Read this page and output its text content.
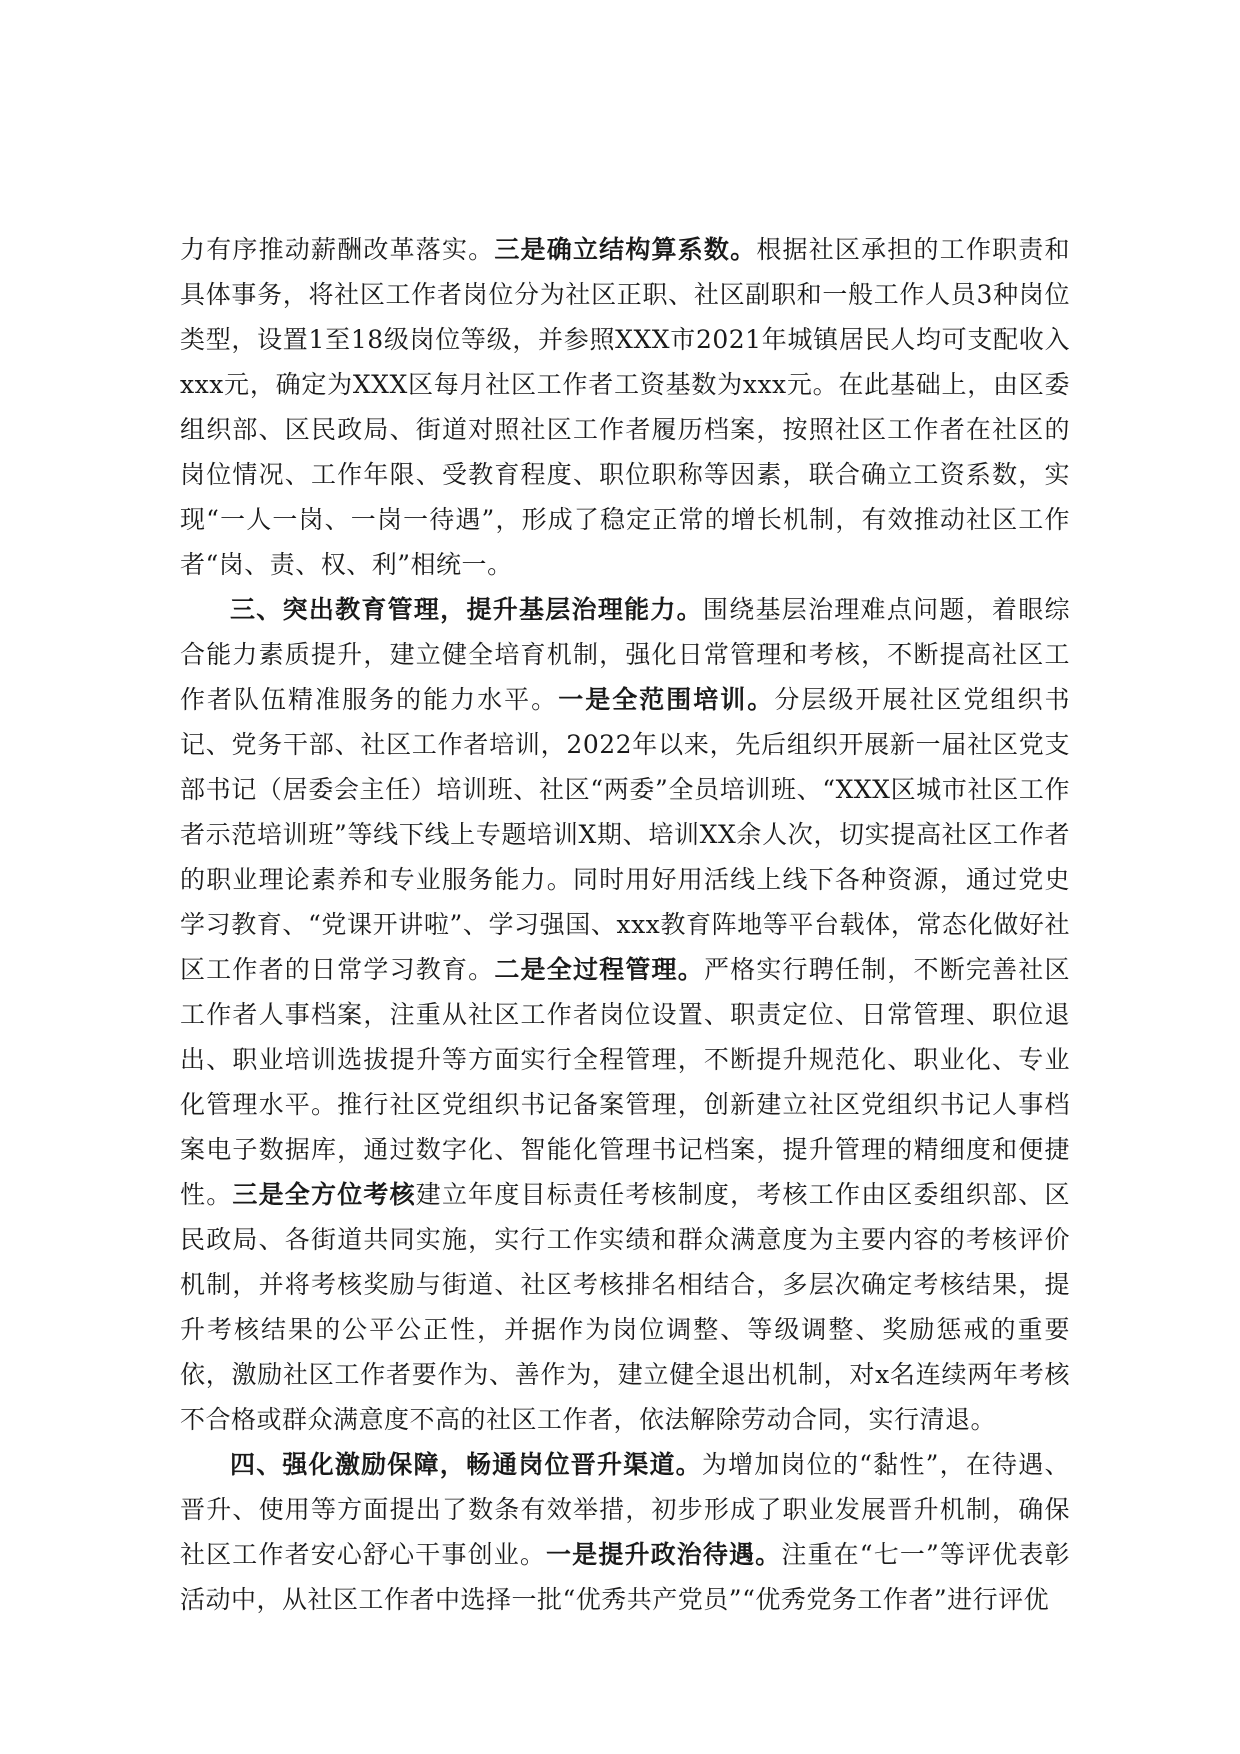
力有序推动薪酬改革落实。三是确立结构算系数。根据社区承担的工作职责和具体事务，将社区工作者岗位分为社区正职、社区副职和一般工作人员3种岗位类型，设置1至18级岗位等级，并参照XXX市2021年城镇居民人均可支配收入xxx元，确定为XXX区每月社区工作者工资基数为xxx元。在此基础上，由区委组织部、区民政局、街道对照社区工作者履历档案，按照社区工作者在社区的岗位情况、工作年限、受教育程度、职位职称等因素，联合确立工资系数，实现“一人一岗、一岗一待遇”，形成了稳定正常的增长机制，有效推动社区工作者“岗、责、权、利”相统一。

三、突出教育管理，提升基层治理能力。围绕基层治理难点问题，着眼综合能力素质提升，建立健全培育机制，强化日常管理和考核，不断提高社区工作者队伍精准服务的能力水平。一是全范围培训。分层级开展社区党组织书记、党务干部、社区工作者培训，2022年以来，先后组织开展新一届社区党支部书记（居委会主任）培训班、社区“两委”全员培训班、“XXX区城市社区工作者示范培训班”等线下线上专题培训X期、培训XX余人次，切实提高社区工作者的职业理论素养和专业服务能力。同时用好用活线上线下各种资源，通过党史学习教育、“党课开讲啦”、学习强国、xxx教育阵地等平台载体，常态化做好社区工作者的日常学习教育。二是全过程管理。严格实行聘任制，不断完善社区工作者人事档案，注重从社区工作者岗位设置、职责定位、日常管理、职位退出、职业培训选拔提升等方面实行全程管理，不断提升规范化、职业化、专业化管理水平。推行社区党组织书记备案管理，创新建立社区党组织书记人事档案电子数据库，通过数字化、智能化管理书记档案，提升管理的精细度和便捷性。三是全方位考核建立年度目标责任考核制度，考核工作由区委组织部、区民政局、各街道共同实施，实行工作实绩和群众满意度为主要内容的考核评价机制，并将考核奖励与街道、社区考核排名相结合，多层次确定考核结果，提升考核结果的公平公正性，并据作为岗位调整、等级调整、奖励惩戒的重要依，激励社区工作者要作为、善作为，建立健全退出机制，对x名连续两年考核不合格或群众满意度不高的社区工作者，依法解除劳动合同，实行清退。

四、强化激励保障，畅通岗位晋升渠道。为增加岗位的“黏性”，在待遇、晋升、使用等方面提出了数条有效举措，初步形成了职业发展晋升机制，确保社区工作者安心舒心干事创业。一是提升政治待遇。注重在“七一”等评优表彰活动中，从社区工作者中选择一批“优秀共产党员”“优秀党务工作者”进行评优
